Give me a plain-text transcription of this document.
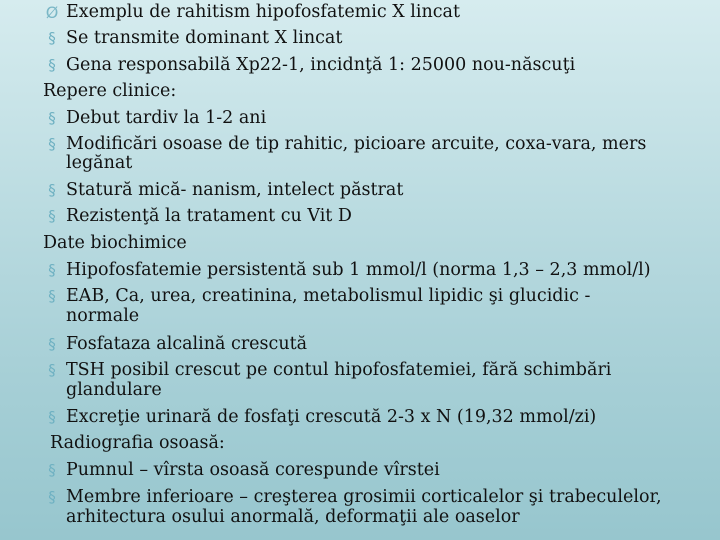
Ø Exemplu de rahitism hipofosfatemic X lincat
§ Se transmite dominant X lincat
§ Gena responsabilă Xp22-1, incidnţă 1: 25000 nou-născuţi
Repere clinice:
§ Debut tardiv la 1-2 ani
§ Modificări osoase de tip rahitic, picioare arcuite, coxa-vara, mers
legănat
§ Statură mică- nanism, intelect păstrat
§ Rezistenţă la tratament cu Vit D
Date biochimice
§ Hipofosfatemie persistentă sub 1 mmol/l (norma 1,3 – 2,3 mmol/l)
§ EAB, Ca, urea, creatinina, metabolismul lipidic şi glucidic -
normale
§ Fosfataza alcalină crescută
§ TSH posibil crescut pe contul hipofosfatemiei, fără schimbări
glandulare
§ Excreţie urinară de fosfaţi crescută 2-3 x N (19,32 mmol/zi)
Radiografia osoasă:
§ Pumnul – vîrsta osoasă corespunde vîrstei
§ Membre inferioare – creşterea grosimii corticalelor şi trabeculelor,
arhitectura osului anormală, deformaţii ale oaselor
